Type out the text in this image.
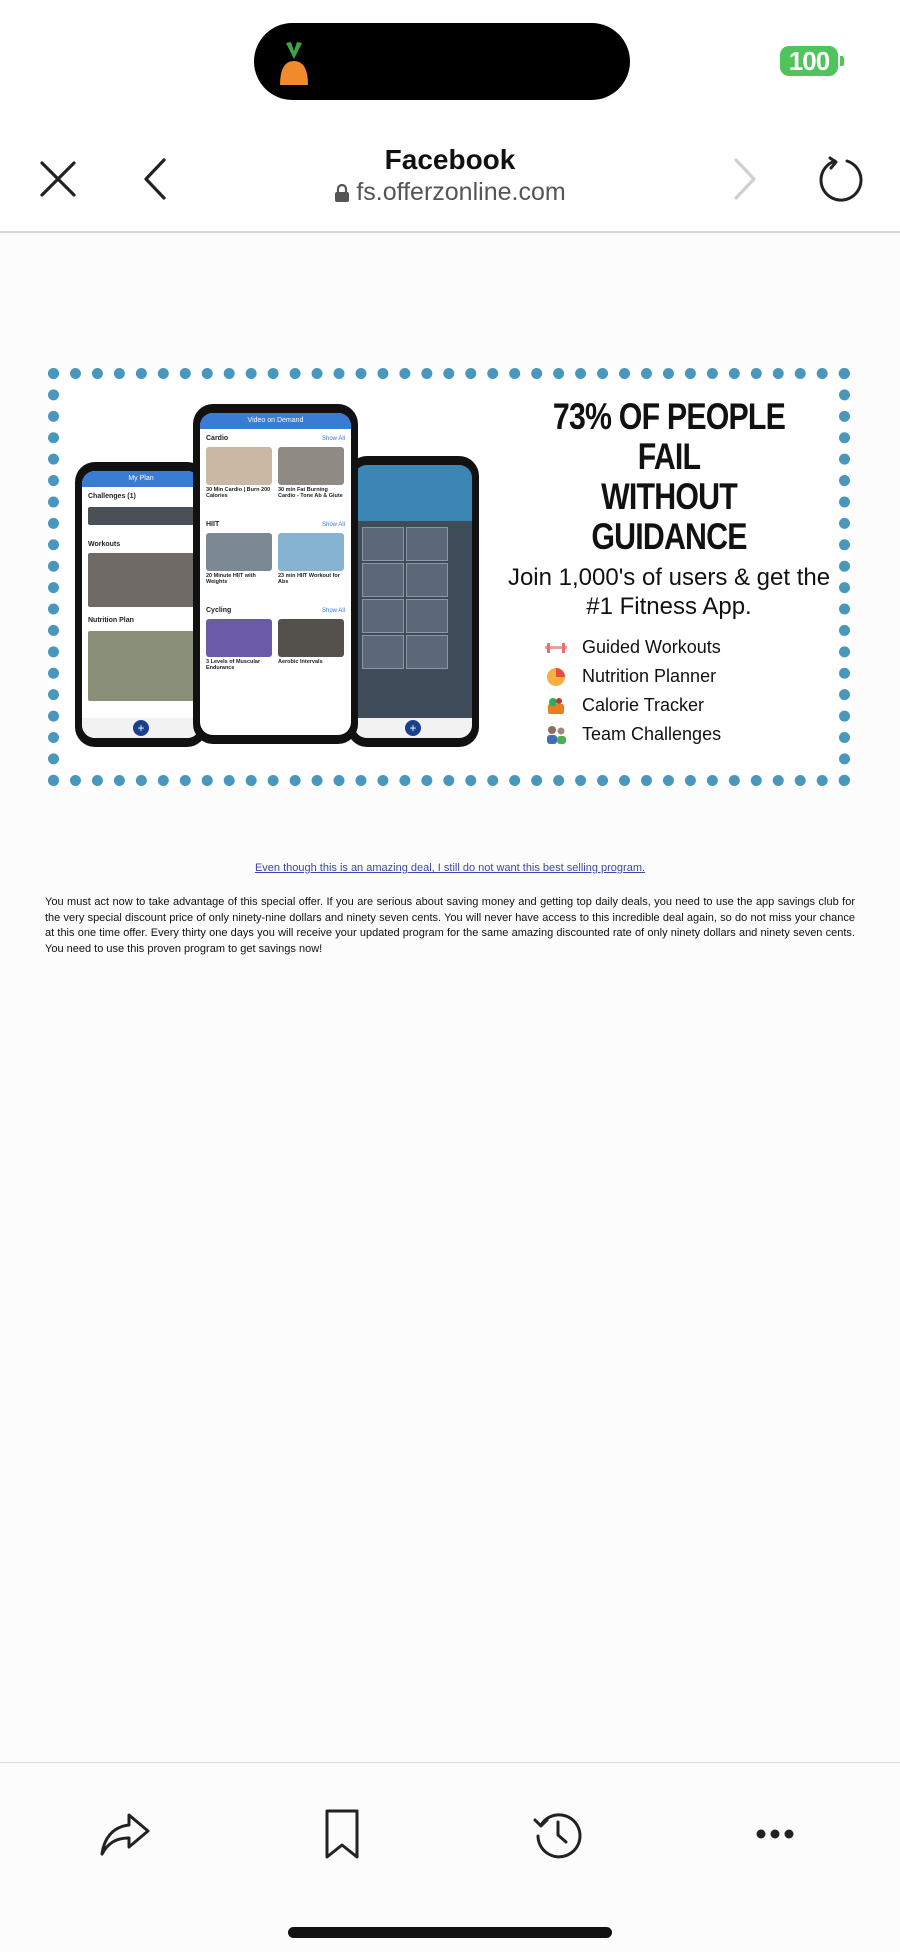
100
Facebook
fs.offerzonline.com
My Plan
Challenges (1)
Workouts
Nutrition Plan
+
Video on Demand
Cardio	Show All
30 Min Cardio | Burn 200 Calories
30 min Fat Burning Cardio - Tone Ab & Glute
HIIT	Show All
20 Minute HIIT with Weights
23 min HIIT Workout for Abs
Cycling	Show All
3 Levels of Muscular Endurance
Aerobic Intervals
+
73% OF PEOPLE FAIL
WITHOUT GUIDANCE
Join 1,000's of users & get the
#1 Fitness App.
Guided Workouts
Nutrition Planner
Calorie Tracker
Team Challenges
Even though this is an amazing deal, I still do not want this best selling program.
You must act now to take advantage of this special offer. If you are serious about saving money and getting top daily deals, you need to use the app savings club for the very special discount price of only ninety-nine dollars and ninety seven cents. You will never have access to this incredible deal again, so do not miss your chance at this one time offer. Every thirty one days you will receive your updated program for the same amazing discounted rate of only ninety dollars and ninety seven cents. You need to use this proven program to get savings now!
